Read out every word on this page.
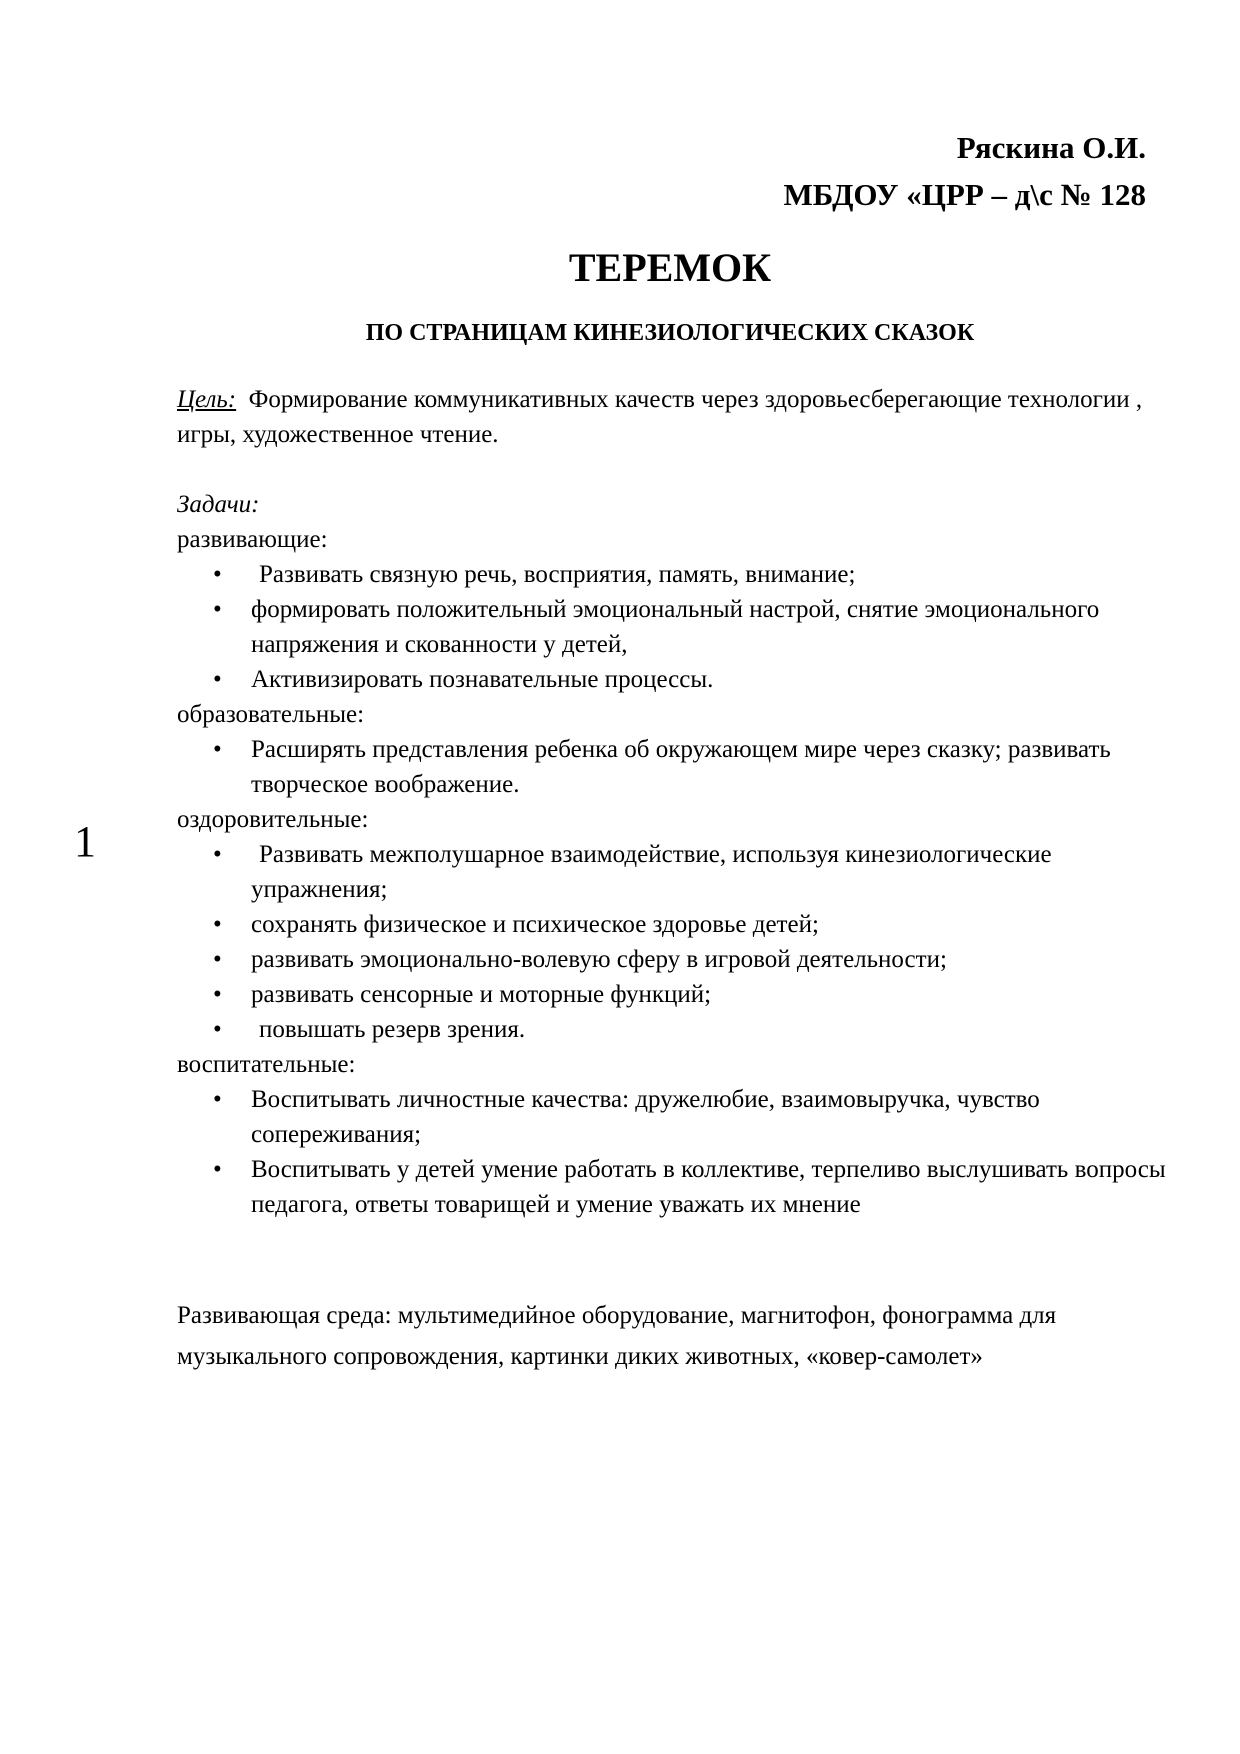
Ряскина О.И.
МБДОУ «ЦРР – д\с № 128
ТЕРЕМОК
ПО СТРАНИЦАМ КИНЕЗИОЛОГИЧЕСКИХ СКАЗОК
1

Цель: Формирование коммуникативных качеств через здоровьесберегающие технологии , игры, художественное чтение.

Задачи:

развивающие:

• Развивать связную речь, восприятия, память, внимание;
• формировать положительный эмоциональный настрой, снятие эмоционального напряжения и скованности у детей,
• Активизировать познавательные процессы.

образовательные:

• Расширять представления ребенка об окружающем мире через сказку; развивать творческое воображение.

оздоровительные:

• Развивать межполушарное взаимодействие, используя кинезиологические упражнения;
• сохранять физическое и психическое здоровье детей;
• развивать эмоционально-волевую сферу в игровой деятельности;
• развивать сенсорные и моторные функций;
• повышать резерв зрения.

воспитательные:

• Воспитывать личностные качества: дружелюбие, взаимовыручка, чувство сопереживания;
• Воспитывать у детей умение работать в коллективе, терпеливо выслушивать вопросы педагога, ответы товарищей и умение уважать их мнение

Развивающая среда: мультимедийное оборудование, магнитофон, фонограмма для музыкального сопровождения, картинки диких животных, «ковер-самолет»
